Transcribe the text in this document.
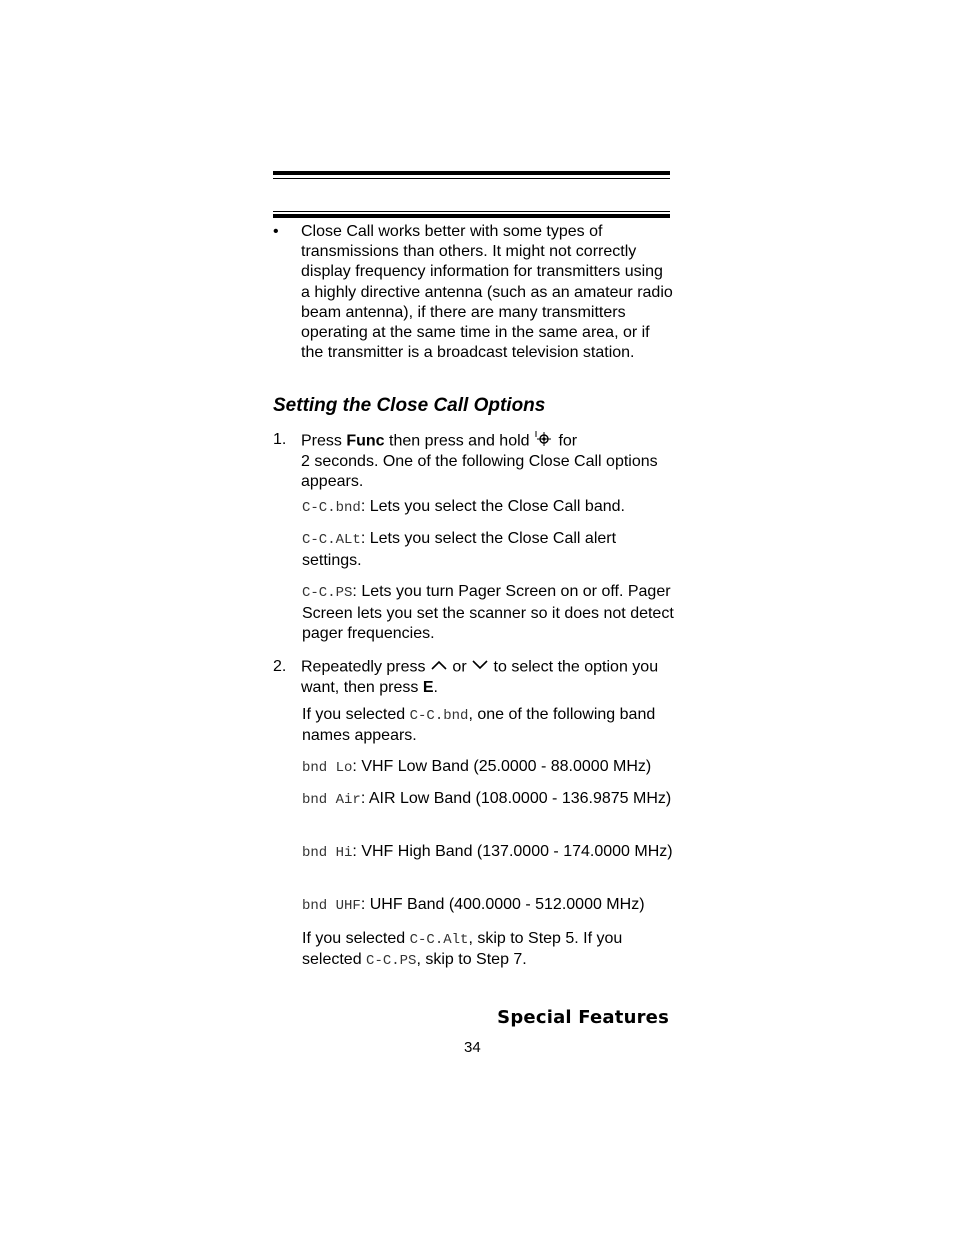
• Close Call works better with some types of transmissions than others. It might not correctly display frequency information for transmitters using a highly directive antenna (such as an amateur radio beam antenna), if there are many transmitters operating at the same time in the same area, or if the transmitter is a broadcast television station.
Setting the Close Call Options
1. Press Func then press and hold  for
2 seconds. One of the following Close Call options appears.
C-C.bnd: Lets you select the Close Call band.
C-C.ALt: Lets you select the Close Call alert settings.
C-C.PS: Lets you turn Pager Screen on or off. Pager Screen lets you set the scanner so it does not detect pager frequencies.
2. Repeatedly press  or  to select the option you want, then press E.
If you selected C-C.bnd, one of the following band names appears.
bnd Lo: VHF Low Band (25.0000 - 88.0000 MHz)
bnd Air: AIR Low Band (108.0000 - 136.9875 MHz)
bnd Hi: VHF High Band (137.0000 - 174.0000 MHz)
bnd UHF: UHF Band (400.0000 - 512.0000 MHz)
If you selected C-C.Alt, skip to Step 5. If you selected C-C.PS, skip to Step 7.
Special Features
34
